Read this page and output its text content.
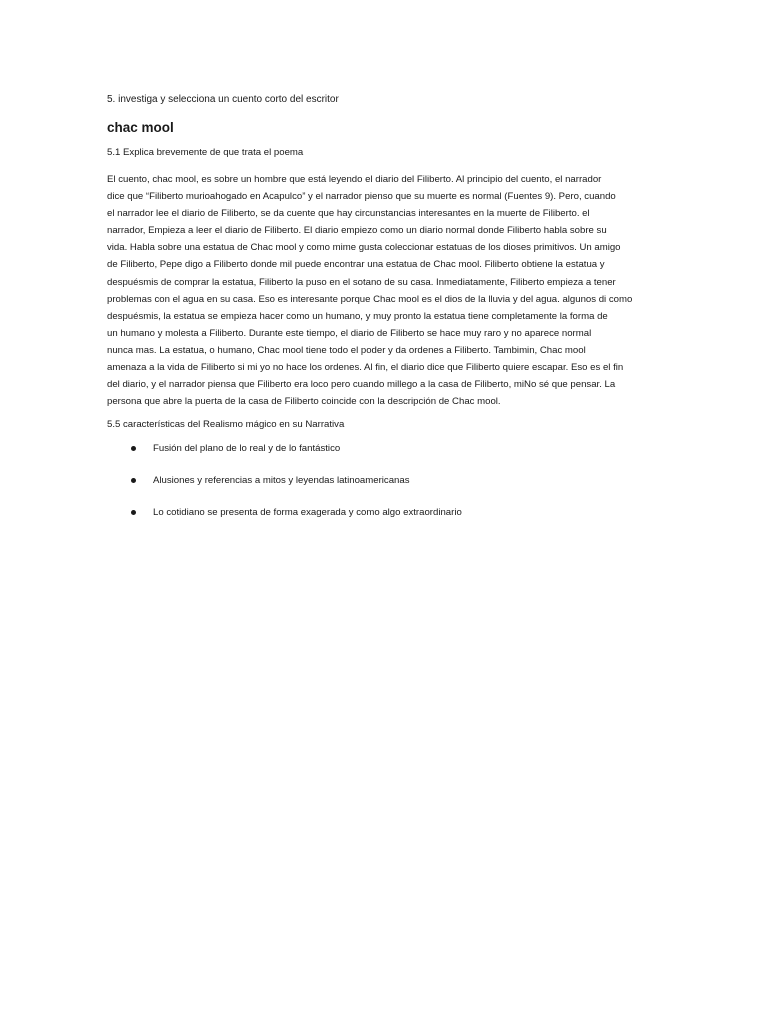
5. investiga y selecciona un cuento corto del escritor

chac mool

5.1 Explica brevemente de que trata el poema

El cuento, chac mool, es sobre un hombre que está leyendo el diario del Filiberto. Al principio del cuento, el narrador
dice que “Filiberto murioahogado en Acapulco” y el narrador pienso que su muerte es normal (Fuentes 9). Pero, cuando
el narrador lee el diario de Filiberto, se da cuente que hay circunstancias interesantes en la muerte de Filiberto. el
narrador, Empieza a leer el diario de Filiberto. El diario empiezo como un diario normal donde Filiberto habla sobre su
vida. Habla sobre una estatua de Chac mool y como mime gusta coleccionar estatuas de los dioses primitivos. Un amigo
de Filiberto, Pepe digo a Filiberto donde mil puede encontrar una estatua de Chac mool. Filiberto obtiene la estatua y
despuésmis de comprar la estatua, Filiberto la puso en el sotano de su casa. Inmediatamente, Filiberto empieza a tener
problemas con el agua en su casa. Eso es interesante porque Chac mool es el dios de la lluvia y del agua. algunos di como
despuésmis, la estatua se empieza hacer como un humano, y muy pronto la estatua tiene completamente la forma de
un humano y molesta a Filiberto. Durante este tiempo, el diario de Filiberto se hace muy raro y no aparece normal
nunca mas. La estatua, o humano, Chac mool tiene todo el poder y da ordenes a Filiberto. Tambimin, Chac mool
amenaza a la vida de Filiberto si mi yo no hace los ordenes. Al fin, el diario dice que Filiberto quiere escapar. Eso es el fin
del diario, y el narrador piensa que Filiberto era loco pero cuando millego a la casa de Filiberto, miNo sé que pensar. La
persona que abre la puerta de la casa de Filiberto coincide con la descripción de Chac mool.

5.5 características del Realismo mágico en su Narrativa

Fusión del plano de lo real y de lo fantástico
Alusiones y referencias a mitos y leyendas latinoamericanas
Lo cotidiano se presenta de forma exagerada y como algo extraordinario
